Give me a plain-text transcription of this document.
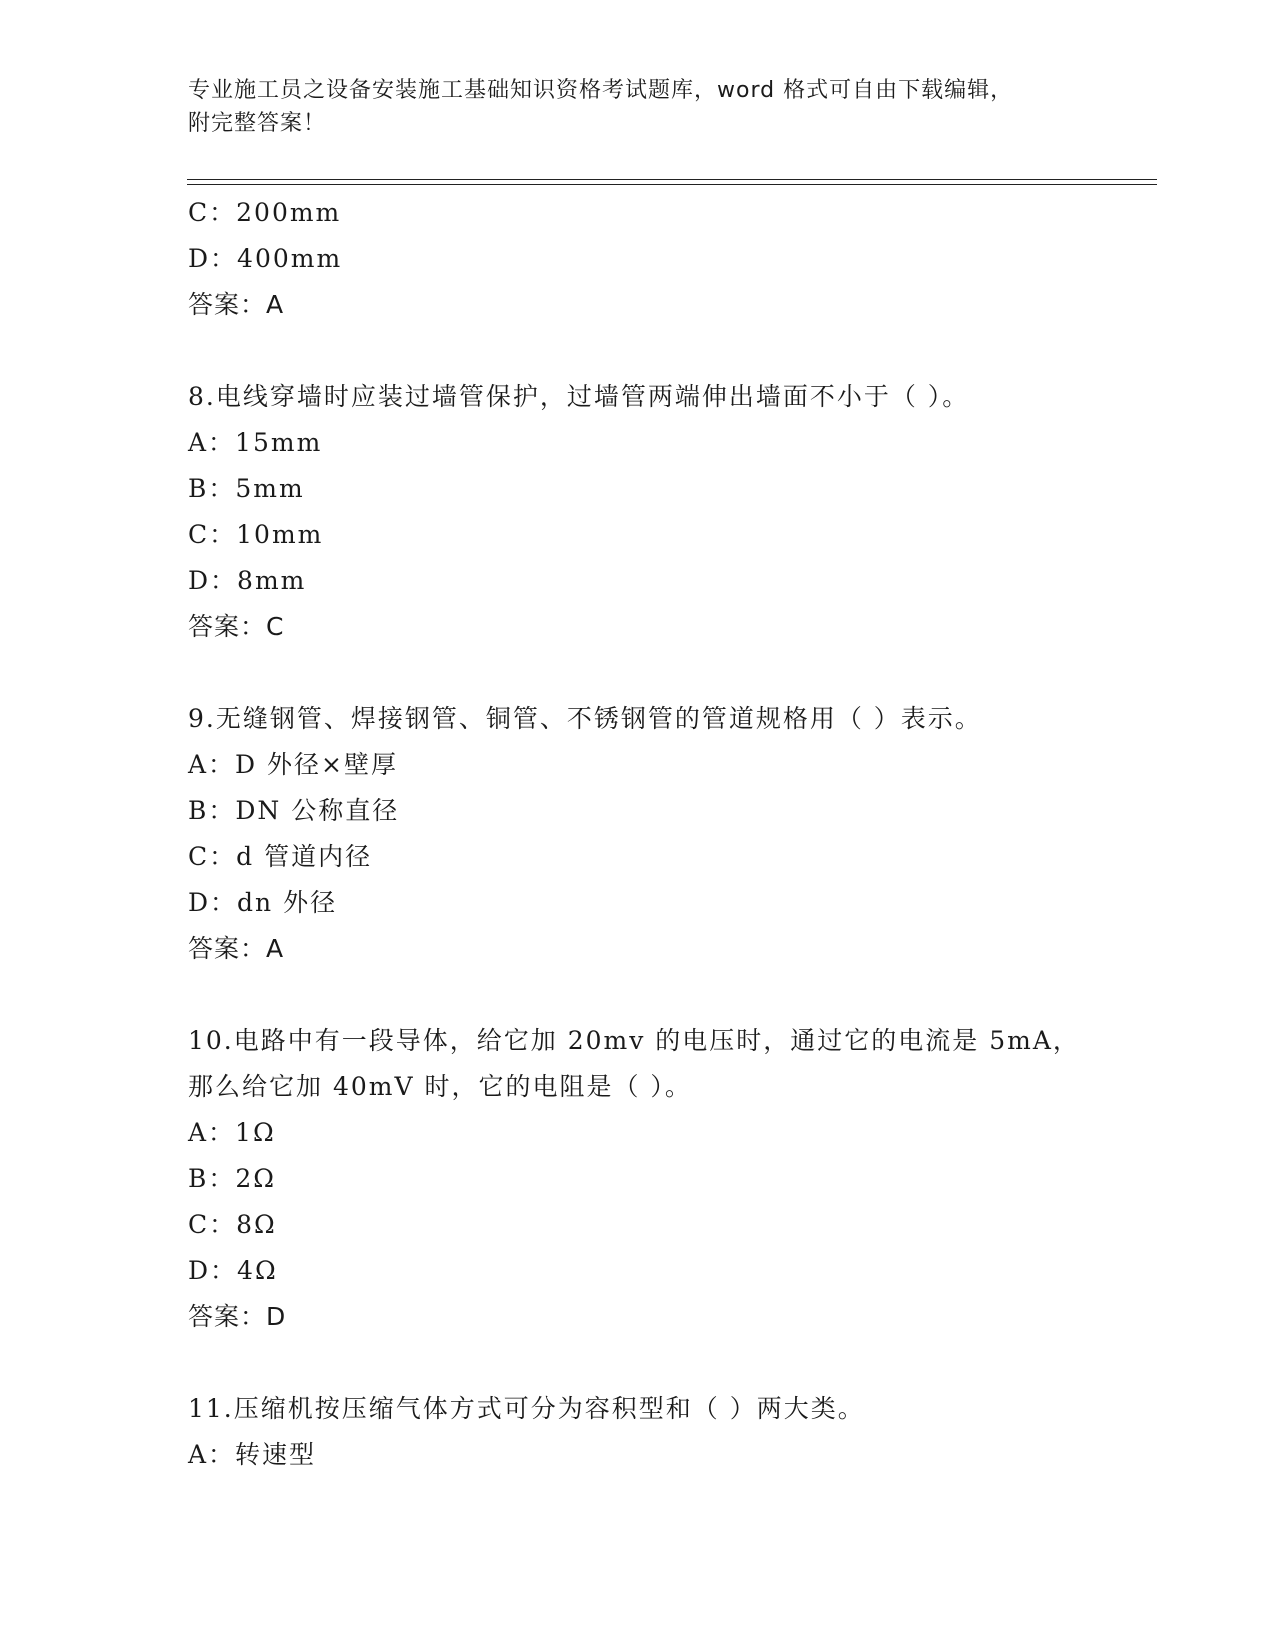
专业施工员之设备安装施工基础知识资格考试题库，word 格式可自由下载编辑，
附完整答案！
C：200mm
D：400mm
答案：A
8.电线穿墙时应装过墙管保护，过墙管两端伸出墙面不小于（ ）。
A：15mm
B：5mm
C：10mm
D：8mm
答案：C
9.无缝钢管、焊接钢管、铜管、不锈钢管的管道规格用（ ）表示。
A：D 外径×壁厚
B：DN 公称直径
C：d 管道内径
D：dn 外径
答案：A
10.电路中有一段导体，给它加 20mv 的电压时，通过它的电流是 5mA，
那么给它加 40mV 时，它的电阻是（ ）。
A：1Ω
B：2Ω
C：8Ω
D：4Ω
答案：D
11.压缩机按压缩气体方式可分为容积型和（ ）两大类。
A：转速型
